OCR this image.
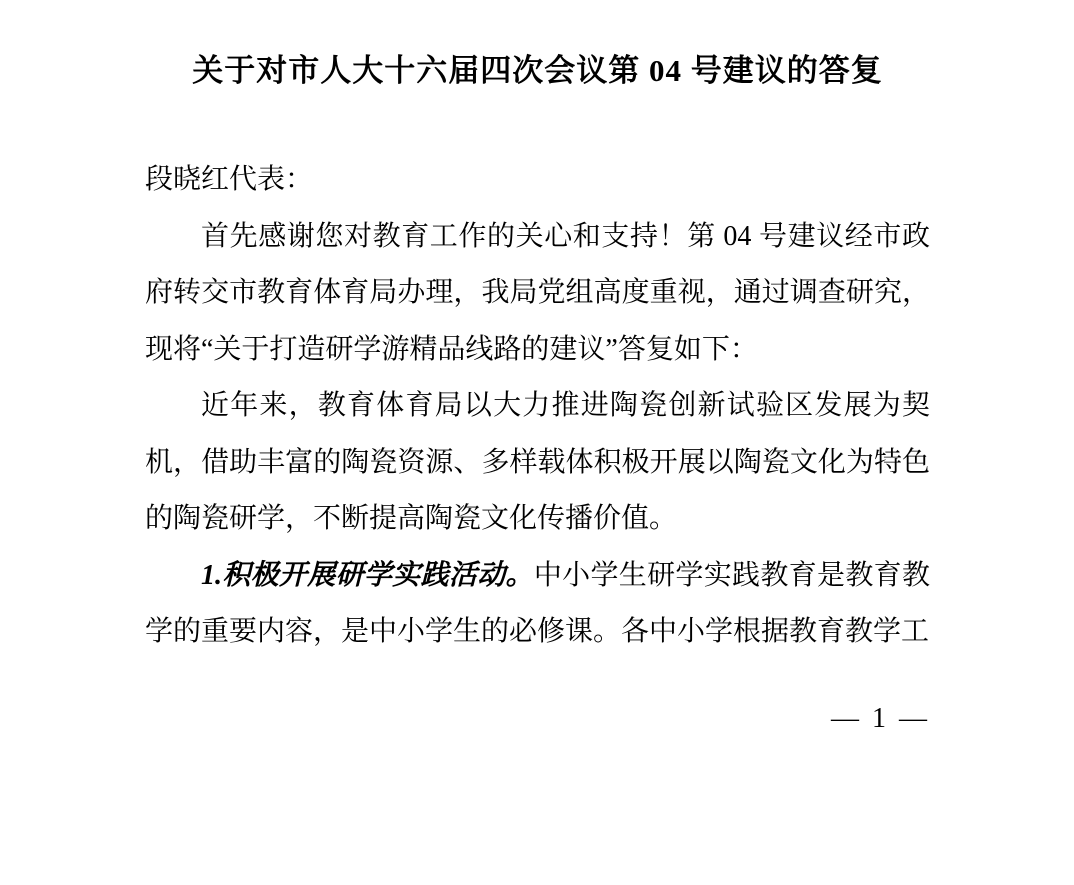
关于对市人大十六届四次会议第 04 号建议的答复

段晓红代表：

首先感谢您对教育工作的关心和支持！第 04 号建议经市政府转交市教育体育局办理，我局党组高度重视，通过调查研究，现将“关于打造研学游精品线路的建议”答复如下：

近年来，教育体育局以大力推进陶瓷创新试验区发展为契机，借助丰富的陶瓷资源、多样载体积极开展以陶瓷文化为特色的陶瓷研学，不断提高陶瓷文化传播价值。

1.积极开展研学实践活动。中小学生研学实践教育是教育教学的重要内容，是中小学生的必修课。各中小学根据教育教学工

— 1 —
